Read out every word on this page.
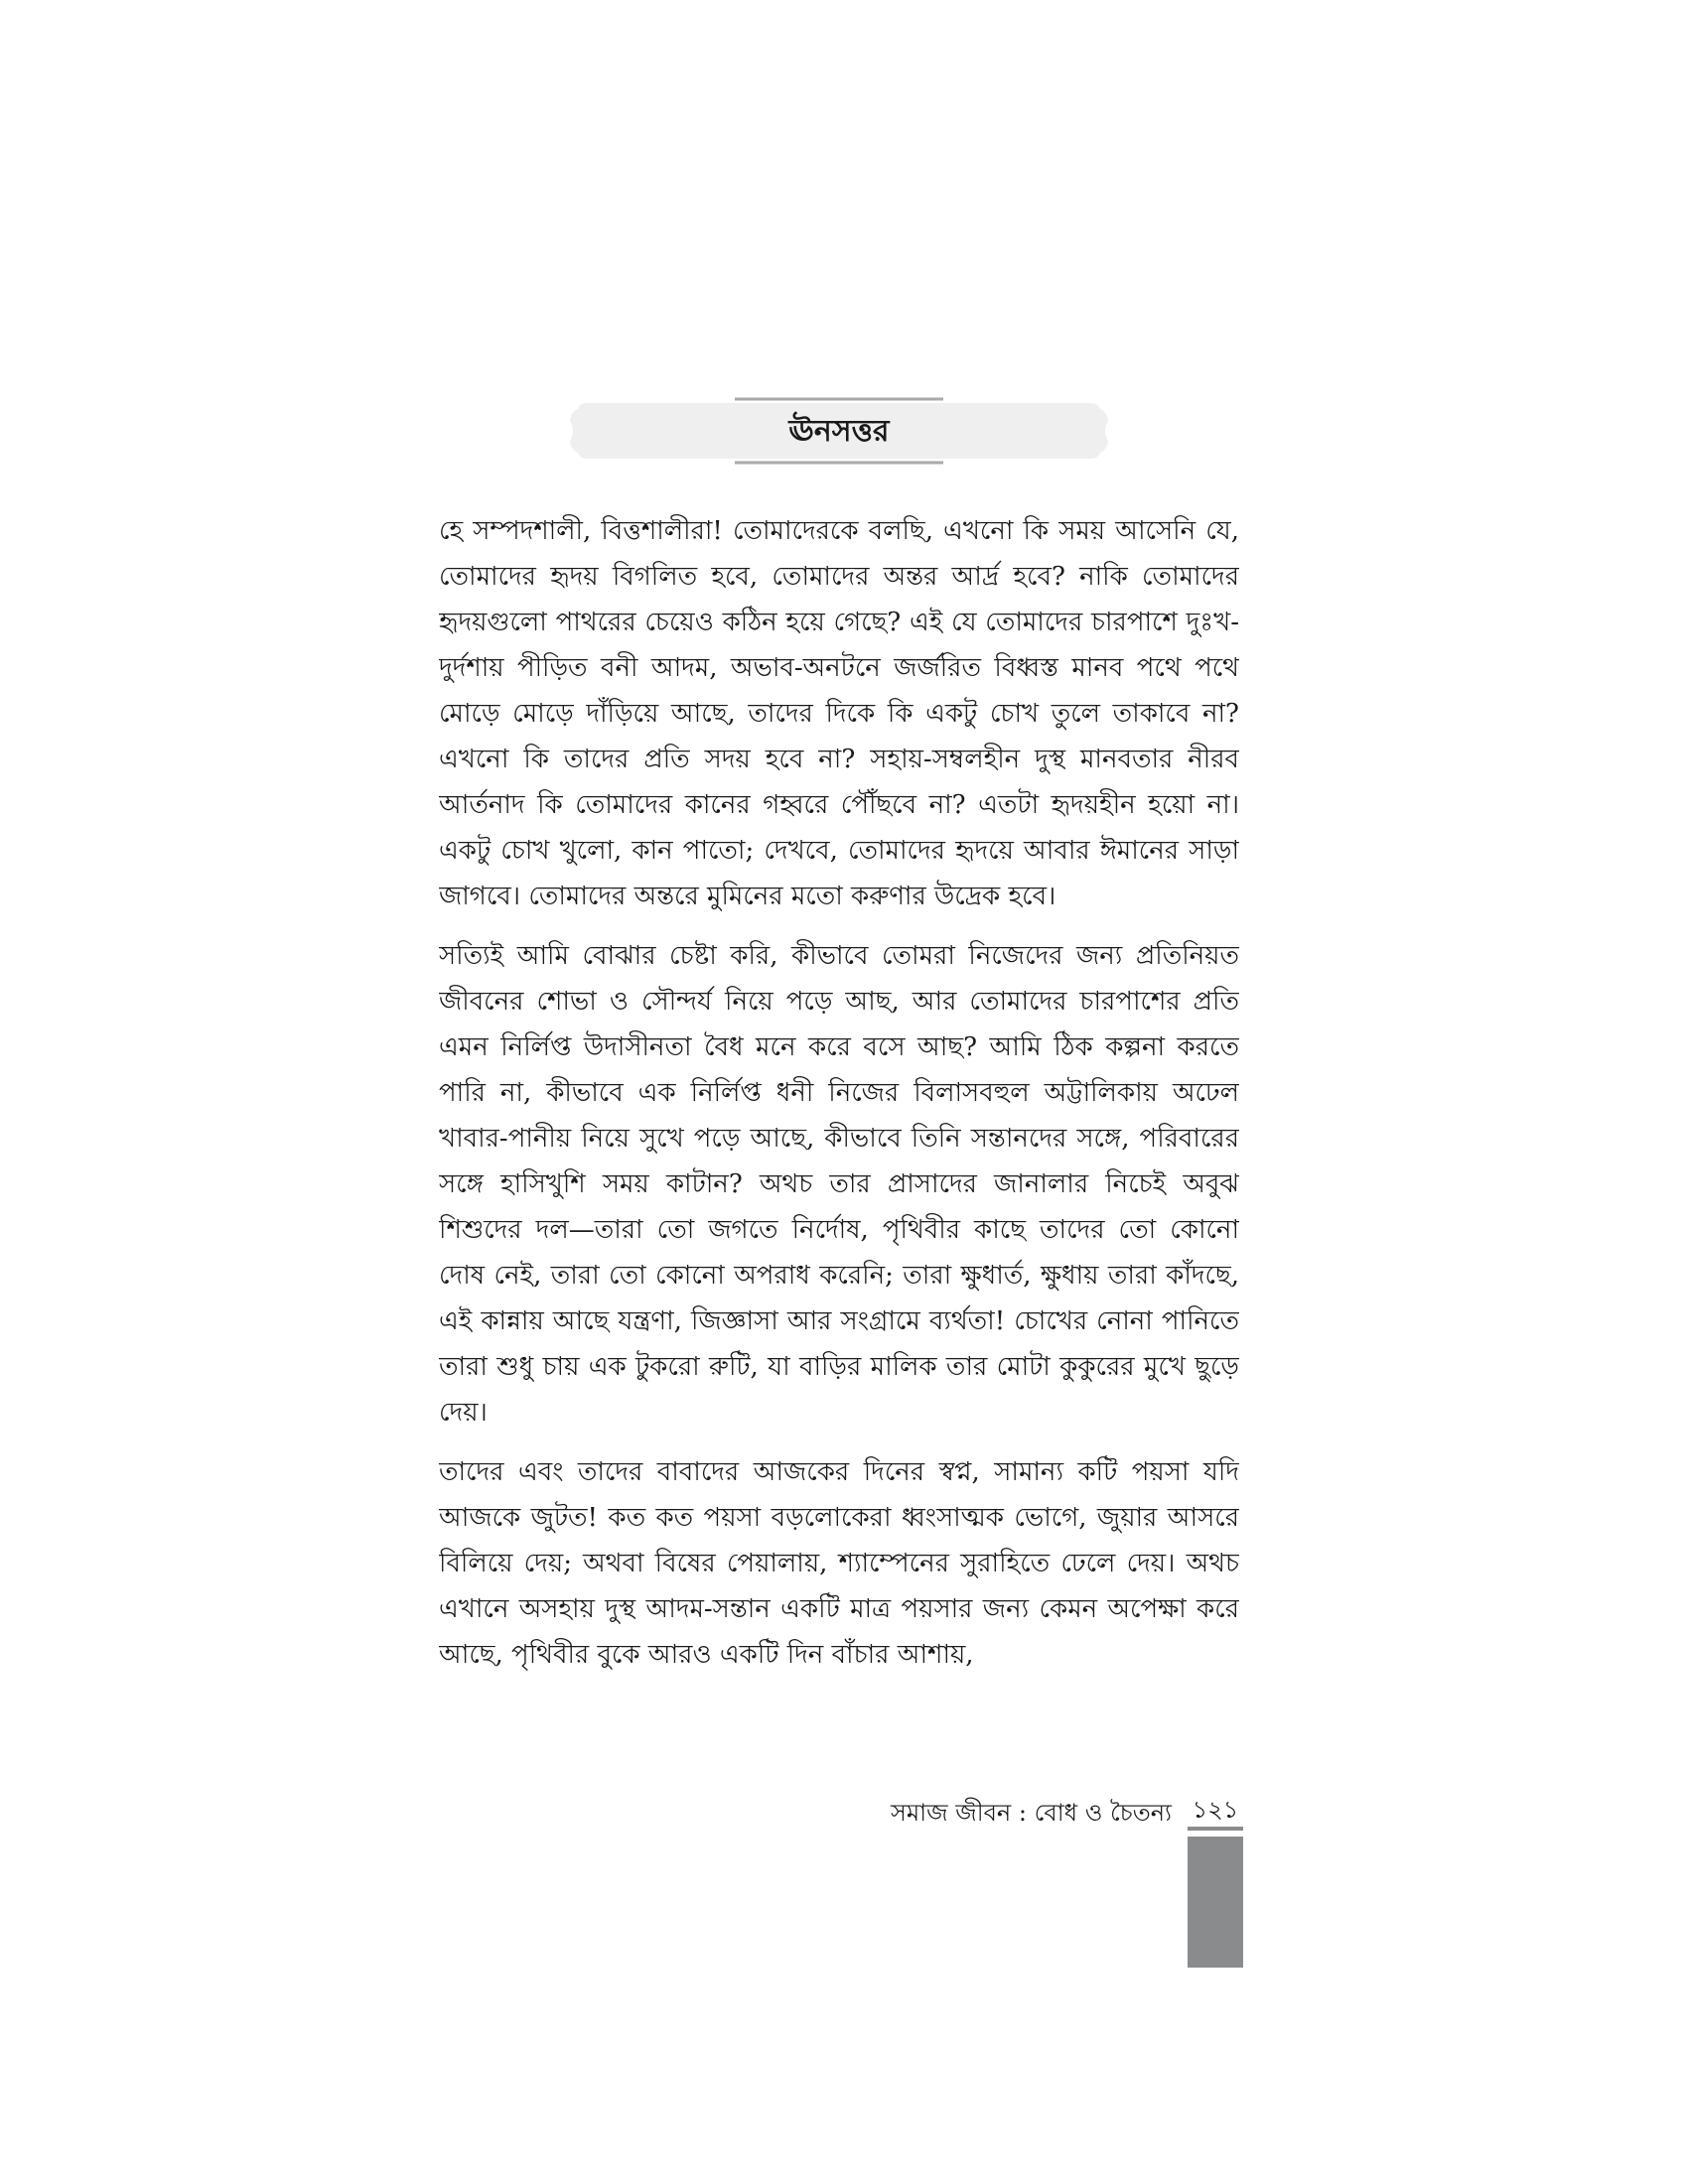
ঊনসত্তর

হে সম্পদশালী, বিত্তশালীরা! তোমাদেরকে বলছি, এখনো কি সময় আসেনি যে, তোমাদের হৃদয় বিগলিত হবে, তোমাদের অন্তর আর্দ্র হবে? নাকি তোমাদের হৃদয়গুলো পাথরের চেয়েও কঠিন হয়ে গেছে? এই যে তোমাদের চারপাশে দুঃখ-দুর্দশায় পীড়িত বনী আদম, অভাব-অনটনে জর্জরিত বিধ্বস্ত মানব পথে পথে মোড়ে মোড়ে দাঁড়িয়ে আছে, তাদের দিকে কি একটু চোখ তুলে তাকাবে না? এখনো কি তাদের প্রতি সদয় হবে না? সহায়-সম্বলহীন দুস্থ মানবতার নীরব আর্তনাদ কি তোমাদের কানের গহ্বরে পৌঁছবে না? এতটা হৃদয়হীন হয়ো না। একটু চোখ খুলো, কান পাতো; দেখবে, তোমাদের হৃদয়ে আবার ঈমানের সাড়া জাগবে। তোমাদের অন্তরে মুমিনের মতো করুণার উদ্রেক হবে।

সত্যিই আমি বোঝার চেষ্টা করি, কীভাবে তোমরা নিজেদের জন্য প্রতিনিয়ত জীবনের শোভা ও সৌন্দর্য নিয়ে পড়ে আছ, আর তোমাদের চারপাশের প্রতি এমন নির্লিপ্ত উদাসীনতা বৈধ মনে করে বসে আছ? আমি ঠিক কল্পনা করতে পারি না, কীভাবে এক নির্লিপ্ত ধনী নিজের বিলাসবহুল অট্টালিকায় অঢেল খাবার-পানীয় নিয়ে সুখে পড়ে আছে, কীভাবে তিনি সন্তানদের সঙ্গে, পরিবারের সঙ্গে হাসিখুশি সময় কাটান? অথচ তার প্রাসাদের জানালার নিচেই অবুঝ শিশুদের দল—তারা তো জগতে নির্দোষ, পৃথিবীর কাছে তাদের তো কোনো দোষ নেই, তারা তো কোনো অপরাধ করেনি; তারা ক্ষুধার্ত, ক্ষুধায় তারা কাঁদছে, এই কান্নায় আছে যন্ত্রণা, জিজ্ঞাসা আর সংগ্রামে ব্যর্থতা! চোখের নোনা পানিতে তারা শুধু চায় এক টুকরো রুটি, যা বাড়ির মালিক তার মোটা কুকুরের মুখে ছুড়ে দেয়।

তাদের এবং তাদের বাবাদের আজকের দিনের স্বপ্ন, সামান্য কটি পয়সা যদি আজকে জুটত! কত কত পয়সা বড়লোকেরা ধ্বংসাত্মক ভোগে, জুয়ার আসরে বিলিয়ে দেয়; অথবা বিষের পেয়ালায়, শ্যাম্পেনের সুরাহিতে ঢেলে দেয়। অথচ এখানে অসহায় দুস্থ আদম-সন্তান একটি মাত্র পয়সার জন্য কেমন অপেক্ষা করে আছে, পৃথিবীর বুকে আরও একটি দিন বাঁচার আশায়,

সমাজ জীবন : বোধ ও চৈতন্য ১২১
